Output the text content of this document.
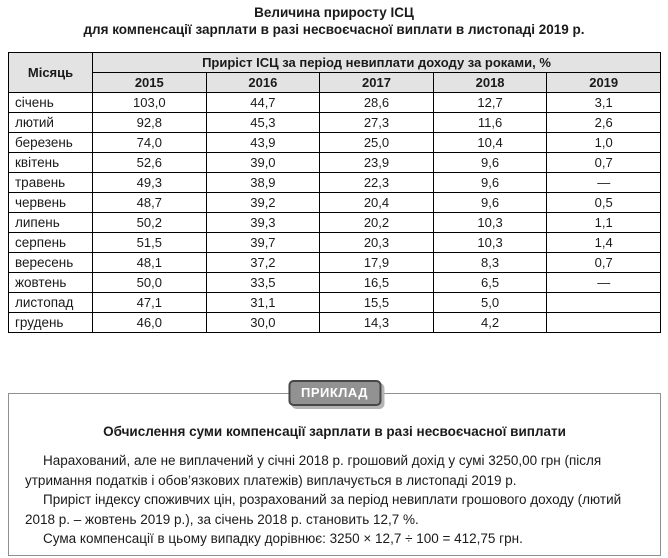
Величина приросту ІСЦ
для компенсації зарплати в разі несвоєчасної виплати в листопаді 2019 р.
Місяць	Приріст ІСЦ за період невиплати доходу за роками, %				
	2015	2016	2017	2018	2019
січень	103,0	44,7	28,6	12,7	3,1
лютий	92,8	45,3	27,3	11,6	2,6
березень	74,0	43,9	25,0	10,4	1,0
квітень	52,6	39,0	23,9	9,6	0,7
травень	49,3	38,9	22,3	9,6	—
червень	48,7	39,2	20,4	9,6	0,5
липень	50,2	39,3	20,2	10,3	1,1
серпень	51,5	39,7	20,3	10,3	1,4
вересень	48,1	37,2	17,9	8,3	0,7
жовтень	50,0	33,5	16,5	6,5	—
листопад	47,1	31,1	15,5	5,0	
грудень	46,0	30,0	14,3	4,2	
ПРИКЛАД
Обчислення суми компенсації зарплати в разі несвоєчасної виплати

Нарахований, але не виплачений у січні 2018 р. грошовий дохід у сумі 3250,00 грн (після утримання податків і обов’язкових платежів) виплачується в листопаді 2019 р.

Приріст індексу споживчих цін, розрахований за період невиплати грошового доходу (лютий 2018 р. – жовтень 2019 р.), за січень 2018 р. становить 12,7 %.

Сума компенсації в цьому випадку дорівнює: 3250 × 12,7 ÷ 100 = 412,75 грн.
